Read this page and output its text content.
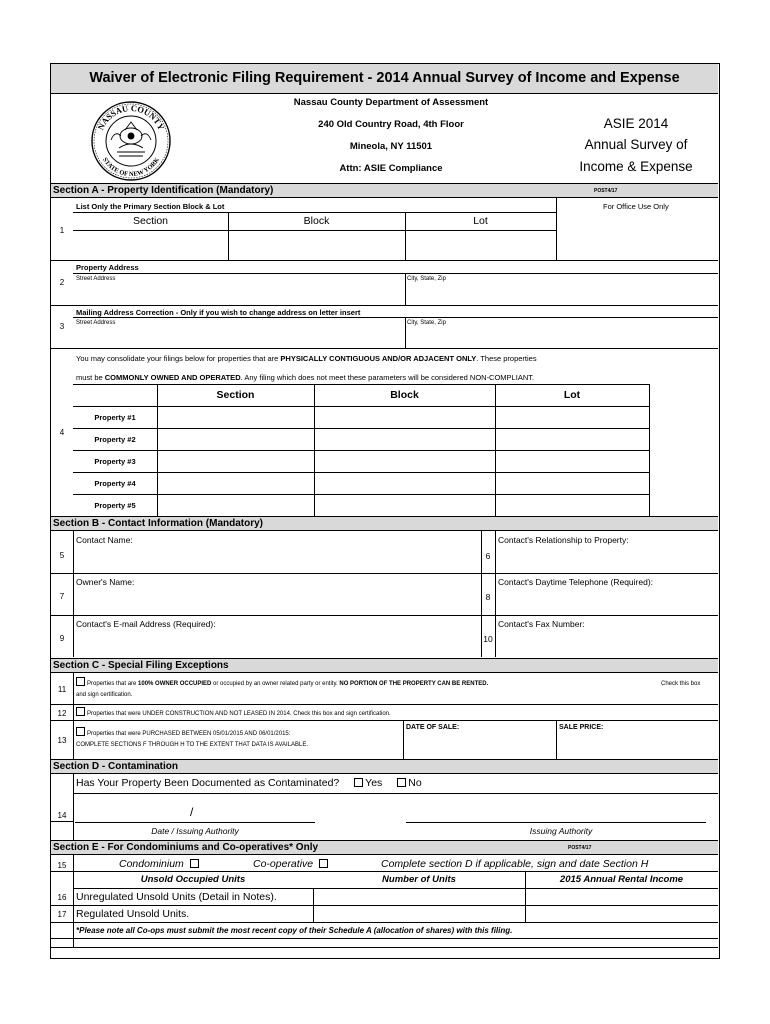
Waiver of Electronic Filing Requirement - 2014 Annual Survey of Income and Expense
NASSAU COUNTY
STATE OF NEW YORK
Nassau County Department of Assessment
240 Old Country Road, 4th Floor
Mineola, NY 11501
Attn: ASIE Compliance
ASIE 2014
Annual Survey of
Income & Expense
Section A - Property Identification (Mandatory)	POST4/17
List Only the Primary Section Block & Lot	For Office Use Only
Section	Block	Lot
1
Property Address
Street Address	City, State, Zip
2
Mailing Address Correction - Only if you wish to change address on letter insert
Street Address	City, State, Zip
3
You may consolidate your filings below for properties that are PHYSICALLY CONTIGUOUS AND/OR ADJACENT ONLY. These properties
must be COMMONLY OWNED AND OPERATED. Any filing which does not meet these parameters will be considered NON-COMPLIANT.
Section	Block	Lot
Property #1
Property #2
Property #3
Property #4
Property #5
4
Section B - Contact Information (Mandatory)
Contact Name:
5	6
Contact's Relationship to Property:
Owner's Name:
7	8
Contact's Daytime Telephone (Required):
Contact's E-mail Address (Required):
9	10
Contact's Fax Number:
Section C - Special Filing Exceptions
Properties that are 100% OWNER OCCUPIED or occupied by an owner related party or entity. NO PORTION OF THE PROPERTY CAN BE RENTED.	Check this box
and sign certification.
11
Properties that were UNDER CONSTRUCTION AND NOT LEASED IN 2014. Check this box and sign certification.
12
Properties that were PURCHASED BETWEEN 05/01/2015 AND 06/01/2015:
COMPLETE SECTIONS F THROUGH H TO THE EXTENT THAT DATA IS AVAILABLE.
DATE OF SALE:	SALE PRICE:
13
Section D - Contamination
Has Your Property Been Documented as Contaminated? Yes No
/
14
Date / Issuing Authority	Issuing Authority
Section E - For Condominiums and Co-operatives* Only	POST4/17
15	Condominium	Co-operative	Complete section D if applicable, sign and date Section H
Unsold Occupied Units	Number of Units	2015 Annual Rental Income
Unregulated Unsold Units (Detail in Notes).
16
Regulated Unsold Units.
17
*Please note all Co-ops must submit the most recent copy of their Schedule A (allocation of shares) with this filing.
